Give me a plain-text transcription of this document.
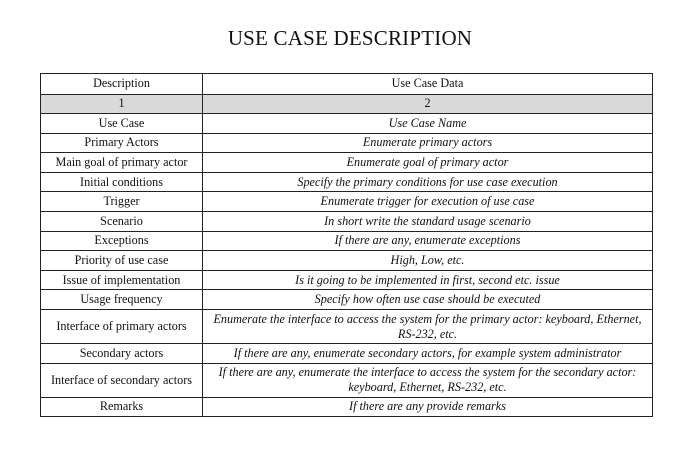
USE CASE DESCRIPTION
Description	Use Case Data
1	2
Use Case	Use Case Name
Primary Actors	Enumerate primary actors
Main goal of primary actor	Enumerate goal of primary actor
Initial conditions	Specify the primary conditions for use case execution
Trigger	Enumerate trigger for execution of use case
Scenario	In short write the standard usage scenario
Exceptions	If there are any, enumerate exceptions
Priority of use case	High, Low, etc.
Issue of implementation	Is it going to be implemented in first, second etc. issue
Usage frequency	Specify how often use case should be executed
Interface of primary actors	Enumerate the interface to access the system for the primary actor: keyboard, Ethernet, RS-232, etc.
Secondary actors	If there are any, enumerate secondary actors, for example system administrator
Interface of secondary actors	If there are any, enumerate the interface to access the system for the secondary actor: keyboard, Ethernet, RS-232, etc.
Remarks	If there are any provide remarks
